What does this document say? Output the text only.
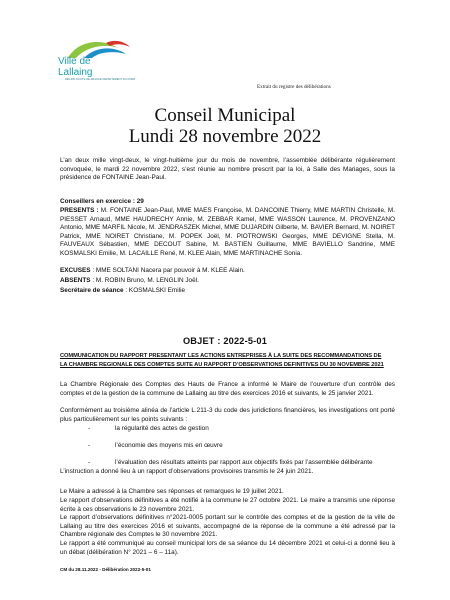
Ville de
Lallaing
REGION HAUTS-DE-FRANCE DEPARTEMENT DU NORD
Extrait du registre des délibérations
Conseil Municipal
Lundi 28 novembre 2022
L’an deux mille vingt-deux, le vingt-huitième jour du mois de novembre, l’assemblée délibérante régulièrement convoquée, le mardi 22 novembre 2022, s’est réunie au nombre prescrit par la loi, à Salle des Mariages, sous la présidence de FONTAINE Jean-Paul.
Conseillers en exercice : 29
PRESENTS : M. FONTAINE Jean-Paul, MME MAES Françoise, M. DANCOINE Thierry, MME MARTIN Christelle, M. PIESSET Arnaud, MME HAUDRECHY Annie, M. ZEBBAR Kamel, MME WASSON Laurence, M. PROVENZANO Antonio, MME MARFIL Nicole, M. JENDRASZEK Michel, MME DUJARDIN Gilberte, M. BAVIER Bernard, M. NOIRET Patrick, MME NOIRET Christiane, M. POPEK Joël, M. PIOTROWSKI Georges, MME DEVIGNE Stella, M. FAUVEAUX Sébastien, MME DECOUT Sabine, M. BASTIEN Guillaume, MME BAVIELLO Sandrine, MME KOSMALSKI Emilie, M. LACAILLE René, M. KLEE Alain, MME MARTINACHE Sonia.
EXCUSES : MME SOLTANI Nacera par pouvoir à M. KLEE Alain.
ABSENTS : M. ROBIN Bruno, M. LENGLIN Joël.
Secrétaire de séance : KOSMALSKI Emilie
OBJET : 2022-5-01
COMMUNICATION DU RAPPORT PRESENTANT LES ACTIONS ENTREPRISES À LA SUITE DES RECOMMANDATIONS DE
LA CHAMBRE REGIONALE DES COMPTES SUITE AU RAPPORT D’OBSERVATIONS DEFINITIVES DU 30 NOVEMBRE 2021
La Chambre Régionale des Comptes des Hauts de France a informé le Maire de l’ouverture d’un contrôle des comptes et de la gestion de la commune de Lallaing au titre des exercices 2016 et suivants, le 25 janvier 2021.
Conformément au troisième alinéa de l’article L.211-3 du code des juridictions financières, les investigations ont porté plus particulièrement sur les points suivants :
-	la régularité des actes de gestion
-	l’économie des moyens mis en œuvre
-	l’évaluation des résultats atteints par rapport aux objectifs fixés par l’assemblée délibérante
L’instruction a donné lieu à un rapport d’observations provisoires transmis le 24 juin 2021.
Le Maire a adressé à la Chambre ses réponses et remarques le 19 juillet 2021.
Le rapport d’observations définitives a été notifié à la commune le 27 octobre 2021. Le maire a transmis une réponse écrite à ces observations le 23 novembre 2021.
Le rapport d’observations définitives n°2021-0005 portant sur le contrôle des comptes et de la gestion de la ville de Lallaing au titre des exercices 2016 et suivants, accompagné de la réponse de la commune a été adressé par la Chambre régionale des Comptes le 30 novembre 2021.
Le rapport a été communiqué au conseil municipal lors de sa séance du 14 décembre 2021 et celui-ci a donné lieu à un débat (délibération N° 2021 – 6 – 11a).
CM du 28.11.2022 - Délibération 2022-5-01
